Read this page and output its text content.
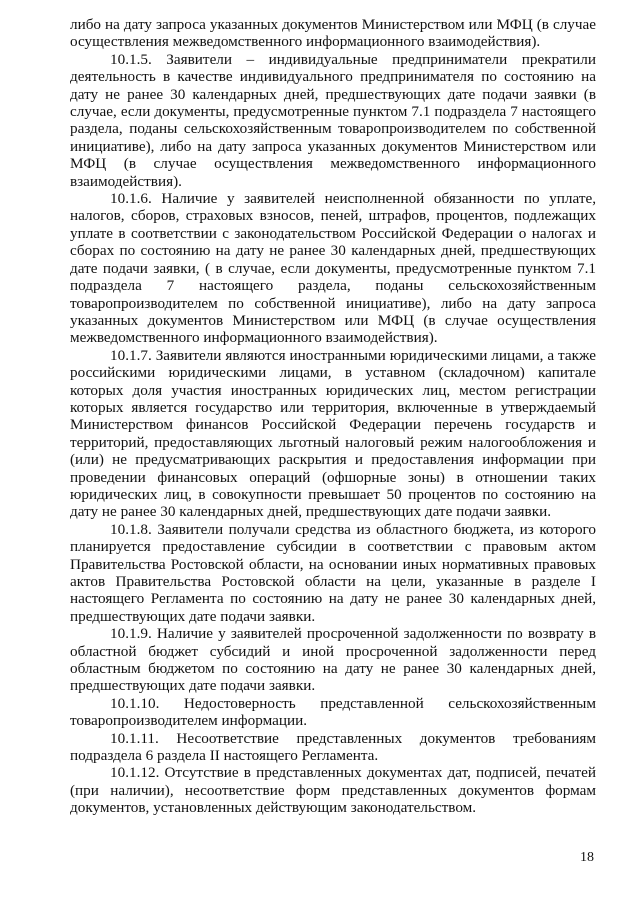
либо на дату запроса указанных документов Министерством или МФЦ (в случае осуществления межведомственного информационного взаимодействия).

10.1.5. Заявители – индивидуальные предприниматели прекратили деятельность в качестве индивидуального предпринимателя по состоянию на дату не ранее 30 календарных дней, предшествующих дате подачи заявки (в случае, если документы, предусмотренные пунктом 7.1 подраздела 7 настоящего раздела, поданы сельскохозяйственным товаропроизводителем по собственной инициативе), либо на дату запроса указанных документов Министерством или МФЦ (в случае осуществления межведомственного информационного взаимодействия).

10.1.6. Наличие у заявителей неисполненной обязанности по уплате, налогов, сборов, страховых взносов, пеней, штрафов, процентов, подлежащих уплате в соответствии с законодательством Российской Федерации о налогах и сборах по состоянию на дату не ранее 30 календарных дней, предшествующих дате подачи заявки, ( в случае, если документы, предусмотренные пунктом 7.1 подраздела 7 настоящего раздела, поданы сельскохозяйственным товаропроизводителем по собственной инициативе), либо на дату запроса указанных документов Министерством или МФЦ (в случае осуществления межведомственного информационного взаимодействия).

10.1.7. Заявители являются иностранными юридическими лицами, а также российскими юридическими лицами, в уставном (складочном) капитале которых доля участия иностранных юридических лиц, местом регистрации которых является государство или территория, включенные в утверждаемый Министерством финансов Российской Федерации перечень государств и территорий, предоставляющих льготный налоговый режим налогообложения и (или) не предусматривающих раскрытия и предоставления информации при проведении финансовых операций (офшорные зоны) в отношении таких юридических лиц, в совокупности превышает 50 процентов по состоянию на дату не ранее 30 календарных дней, предшествующих дате подачи заявки.

10.1.8. Заявители получали средства из областного бюджета, из которого планируется предоставление субсидии в соответствии с правовым актом Правительства Ростовской области, на основании иных нормативных правовых актов Правительства Ростовской области на цели, указанные в разделе I настоящего Регламента по состоянию на дату не ранее 30 календарных дней, предшествующих дате подачи заявки.

10.1.9. Наличие у заявителей просроченной задолженности по возврату в областной бюджет субсидий и иной просроченной задолженности перед областным бюджетом по состоянию на дату не ранее 30 календарных дней, предшествующих дате подачи заявки.

10.1.10. Недостоверность представленной сельскохозяйственным товаропроизводителем информации.

10.1.11. Несоответствие представленных документов требованиям подраздела 6 раздела II настоящего Регламента.

10.1.12. Отсутствие в представленных документах дат, подписей, печатей (при наличии), несоответствие форм представленных документов формам документов, установленных действующим законодательством.

18
